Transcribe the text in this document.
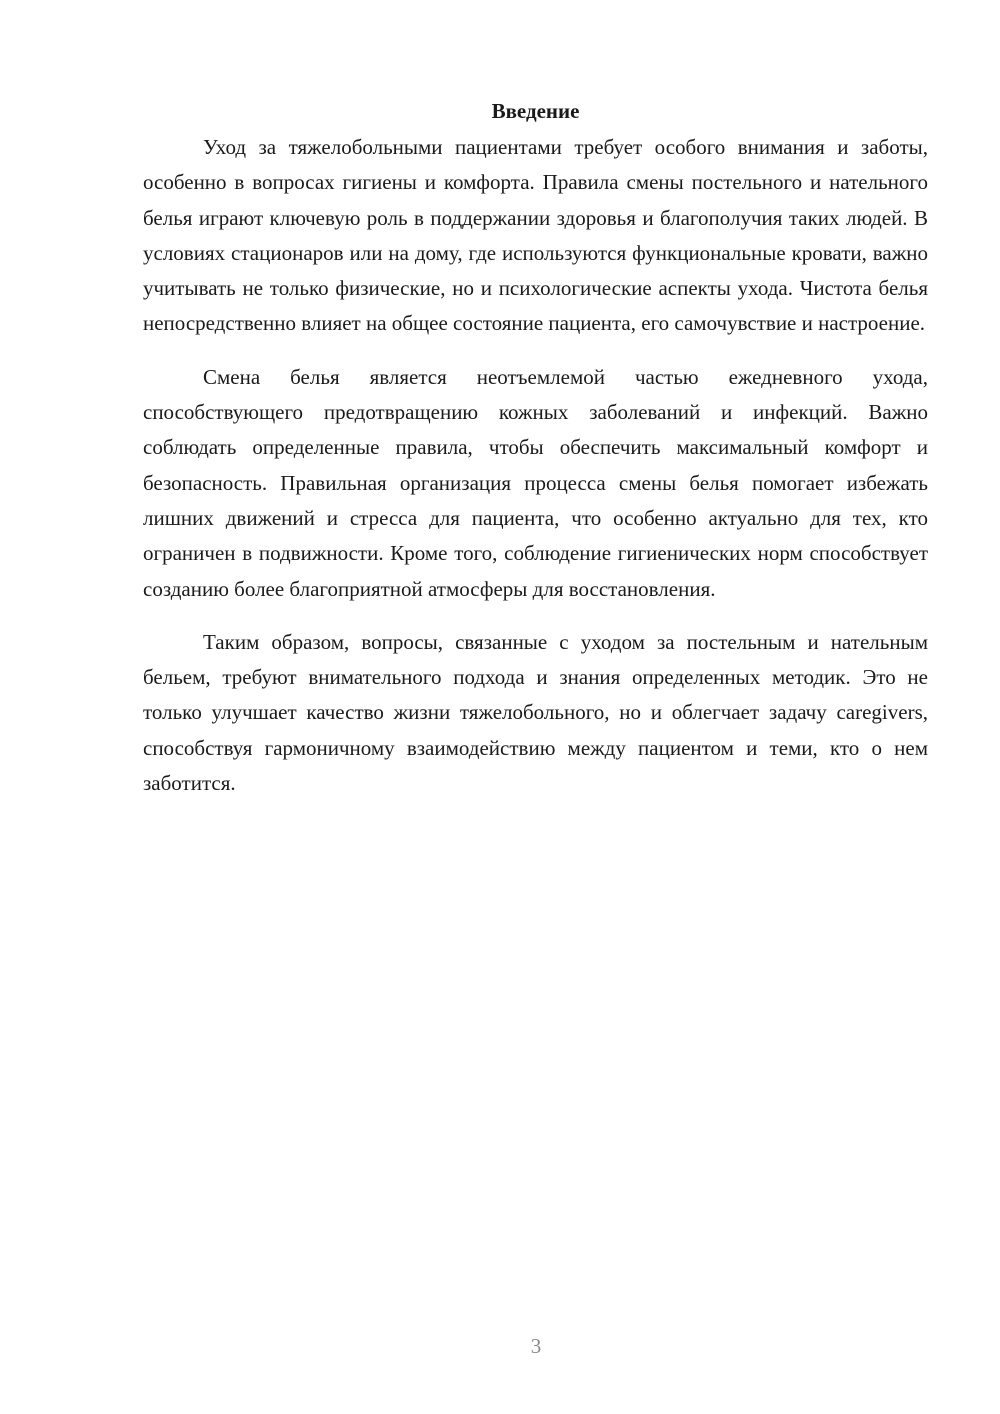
Введение

Уход за тяжелобольными пациентами требует особого внимания и заботы, особенно в вопросах гигиены и комфорта. Правила смены постельного и нательного белья играют ключевую роль в поддержании здоровья и благополучия таких людей. В условиях стационаров или на дому, где используются функциональные кровати, важно учитывать не только физические, но и психологические аспекты ухода. Чистота белья непосредственно влияет на общее состояние пациента, его самочувствие и настроение.

Смена белья является неотъемлемой частью ежедневного ухода, способствующего предотвращению кожных заболеваний и инфекций. Важно соблюдать определенные правила, чтобы обеспечить максимальный комфорт и безопасность. Правильная организация процесса смены белья помогает избежать лишних движений и стресса для пациента, что особенно актуально для тех, кто ограничен в подвижности. Кроме того, соблюдение гигиенических норм способствует созданию более благоприятной атмосферы для восстановления.

Таким образом, вопросы, связанные с уходом за постельным и нательным бельем, требуют внимательного подхода и знания определенных методик. Это не только улучшает качество жизни тяжелобольного, но и облегчает задачу caregivers, способствуя гармоничному взаимодействию между пациентом и теми, кто о нем заботится.

3
